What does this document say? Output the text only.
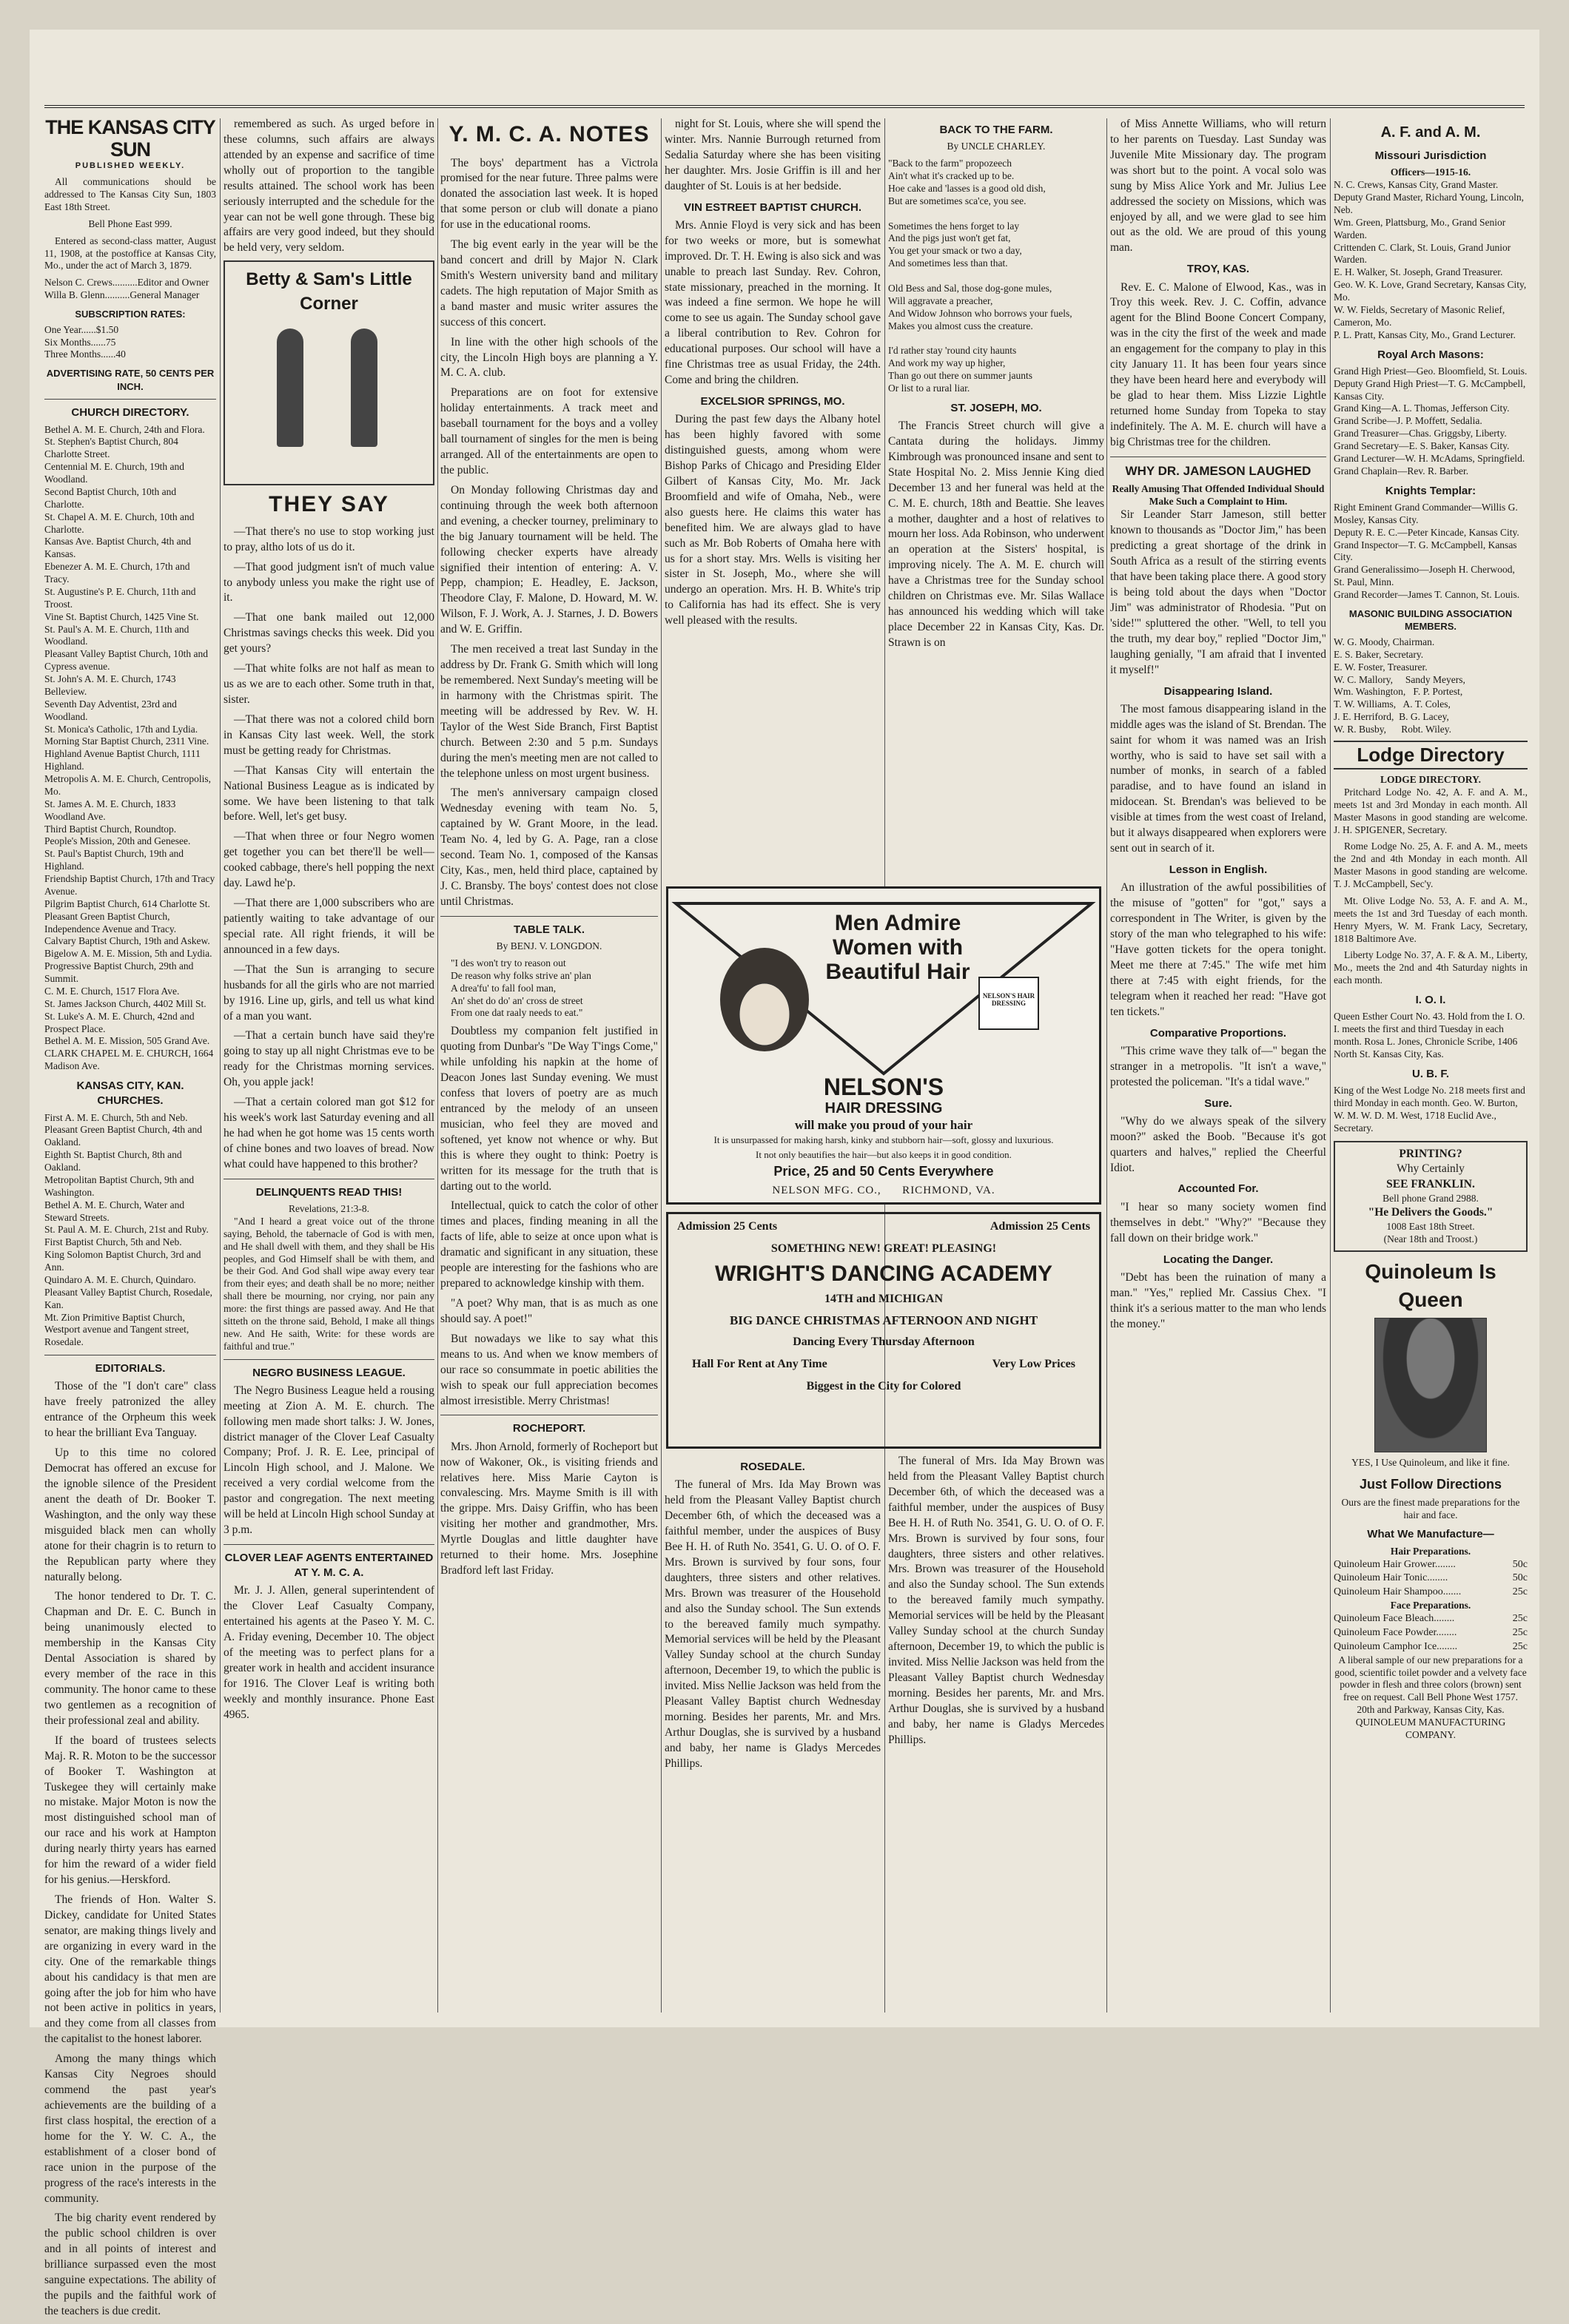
THE KANSAS CITY SUN
PUBLISHED WEEKLY.

All communications should be addressed to The Kansas City Sun, 1803 East 18th Street.

Bell Phone East 999.

Entered as second-class matter, August 11, 1908, at the postoffice at Kansas City, Mo., under the act of March 3, 1879.

Nelson C. Crews..........Editor and Owner
Willa B. Glenn..........General Manager
SUBSCRIPTION RATES:
One Year......$1.50
Six Months......75
Three Months......40
ADVERTISING RATE, 50 CENTS PER INCH.
CHURCH DIRECTORY.
Bethel A. M. E. Church, 24th and Flora.
St. Stephen's Baptist Church, 804 Charlotte Street.
Centennial M. E. Church, 19th and Woodland.
Second Baptist Church, 10th and Charlotte.
St. Chapel A. M. E. Church, 10th and Charlotte.
Kansas Ave. Baptist Church, 4th and Kansas.
Ebenezer A. M. E. Church, 17th and Tracy.
St. Augustine's P. E. Church, 11th and Troost.
Vine St. Baptist Church, 1425 Vine St.
St. Paul's A. M. E. Church, 11th and Woodland.
Pleasant Valley Baptist Church, 10th and Cypress avenue.
St. John's A. M. E. Church, 1743 Belleview.
Seventh Day Adventist, 23rd and Woodland.
St. Monica's Catholic, 17th and Lydia.
Morning Star Baptist Church, 2311 Vine.
Highland Avenue Baptist Church, 1111 Highland.
Metropolis A. M. E. Church, Centropolis, Mo.
St. James A. M. E. Church, 1833 Woodland Ave.
Third Baptist Church, Roundtop.
People's Mission, 20th and Genesee.
St. Paul's Baptist Church, 19th and Highland.
Friendship Baptist Church, 17th and Tracy Avenue.
Pilgrim Baptist Church, 614 Charlotte St.
Pleasant Green Baptist Church, Independence Avenue and Tracy.
Calvary Baptist Church, 19th and Askew.
Bigelow A. M. E. Mission, 5th and Lydia.
Progressive Baptist Church, 29th and Summit.
C. M. E. Church, 1517 Flora Ave.
St. James Jackson Church, 4402 Mill St.
St. Luke's A. M. E. Church, 42nd and Prospect Place.
Bethel A. M. E. Mission, 505 Grand Ave.
CLARK CHAPEL M. E. CHURCH, 1664 Madison Ave.
KANSAS CITY, KAN. CHURCHES.
First A. M. E. Church, 5th and Neb.
Pleasant Green Baptist Church, 4th and Oakland.
Eighth St. Baptist Church, 8th and Oakland.
Metropolitan Baptist Church, 9th and Washington.
Bethel A. M. E. Church, Water and Steward Streets.
St. Paul A. M. E. Church, 21st and Ruby.
First Baptist Church, 5th and Neb.
King Solomon Baptist Church, 3rd and Ann.
Quindaro A. M. E. Church, Quindaro.
Pleasant Valley Baptist Church, Rosedale, Kan.
Mt. Zion Primitive Baptist Church, Westport avenue and Tangent street, Rosedale.
EDITORIALS.

Those of the "I don't care" class have freely patronized the alley entrance of the Orpheum this week to hear the brilliant Eva Tanguay.

Up to this time no colored Democrat has offered an excuse for the ignoble silence of the President anent the death of Dr. Booker T. Washington, and the only way these misguided black men can wholly atone for their chagrin is to return to the Republican party where they naturally belong.

The honor tendered to Dr. T. C. Chapman and Dr. E. C. Bunch in being unanimously elected to membership in the Kansas City Dental Association is shared by every member of the race in this community. The honor came to these two gentlemen as a recognition of their professional zeal and ability.

If the board of trustees selects Maj. R. R. Moton to be the successor of Booker T. Washington at Tuskegee they will certainly make no mistake. Major Moton is now the most distinguished school man of our race and his work at Hampton during nearly thirty years has earned for him the reward of a wider field for his genius.—Herskford.

The friends of Hon. Walter S. Dickey, candidate for United States senator, are making things lively and are organizing in every ward in the city. One of the remarkable things about his candidacy is that men are going after the job for him who have not been active in politics in years, and they come from all classes from the capitalist to the honest laborer.

Among the many things which Kansas City Negroes should commend the past year's achievements are the building of a first class hospital, the erection of a home for the Y. W. C. A., the establishment of a closer bond of race union in the purpose of the progress of the race's interests in the community.

The big charity event rendered by the public school children is over and in all points of interest and brilliance surpassed even the most sanguine expectations. The ability of the pupils and the faithful work of the teachers is due credit.

remembered as such. As urged before in these columns, such affairs are always attended by an expense and sacrifice of time wholly out of proportion to the tangible results attained. The school work has been seriously interrupted and the schedule for the year can not be well gone through. These big affairs are very good indeed, but they should be held very, very seldom.

Betty & Sam's Little Corner
THEY SAY

—That there's no use to stop working just to pray, altho lots of us do it.

—That good judgment isn't of much value to anybody unless you make the right use of it.

—That one bank mailed out 12,000 Christmas savings checks this week. Did you get yours?

—That white folks are not half as mean to us as we are to each other. Some truth in that, sister.

—That there was not a colored child born in Kansas City last week. Well, the stork must be getting ready for Christmas.

—That Kansas City will entertain the National Business League as is indicated by some. We have been listening to that talk before. Well, let's get busy.

—That when three or four Negro women get together you can bet there'll be well—cooked cabbage, there's hell popping the next day. Lawd he'p.

—That there are 1,000 subscribers who are patiently waiting to take advantage of our special rate. All right friends, it will be announced in a few days.

—That the Sun is arranging to secure husbands for all the girls who are not married by 1916. Line up, girls, and tell us what kind of a man you want.

—That a certain bunch have said they're going to stay up all night Christmas eve to be ready for the Christmas morning services. Oh, you apple jack!

—That a certain colored man got $12 for his week's work last Saturday evening and all he had when he got home was 15 cents worth of chine bones and two loaves of bread. Now what could have happened to this brother?

DELINQUENTS READ THIS!
Revelations, 21:3-8.

"And I heard a great voice out of the throne saying, Behold, the tabernacle of God is with men, and He shall dwell with them, and they shall be His peoples, and God Himself shall be with them, and be their God. And God shall wipe away every tear from their eyes; and death shall be no more; neither shall there be mourning, nor crying, nor pain any more: the first things are passed away. And He that sitteth on the throne said, Behold, I make all things new. And He saith, Write: for these words are faithful and true."

NEGRO BUSINESS LEAGUE.

The Negro Business League held a rousing meeting at Zion A. M. E. church. The following men made short talks: J. W. Jones, district manager of the Clover Leaf Casualty Company; Prof. J. R. E. Lee, principal of Lincoln High school, and J. Malone. We received a very cordial welcome from the pastor and congregation. The next meeting will be held at Lincoln High school Sunday at 3 p.m.

CLOVER LEAF AGENTS ENTERTAINED AT Y. M. C. A.

Mr. J. J. Allen, general superintendent of the Clover Leaf Casualty Company, entertained his agents at the Paseo Y. M. C. A. Friday evening, December 10. The object of the meeting was to perfect plans for a greater work in health and accident insurance for 1916. The Clover Leaf is writing both weekly and monthly insurance. Phone East 4965.

Y. M. C. A. NOTES

The boys' department has a Victrola promised for the near future. Three palms were donated the association last week. It is hoped that some person or club will donate a piano for use in the educational rooms.

The big event early in the year will be the band concert and drill by Major N. Clark Smith's Western university band and military cadets. The high reputation of Major Smith as a band master and music writer assures the success of this concert.

In line with the other high schools of the city, the Lincoln High boys are planning a Y. M. C. A. club.

Preparations are on foot for extensive holiday entertainments. A track meet and baseball tournament for the boys and a volley ball tournament of singles for the men is being arranged. All of the entertainments are open to the public.

On Monday following Christmas day and continuing through the week both afternoon and evening, a checker tourney, preliminary to the big January tournament will be held. The following checker experts have already signified their intention of entering: A. V. Pepp, champion; E. Headley, E. Jackson, Theodore Clay, F. Malone, D. Howard, M. W. Wilson, F. J. Work, A. J. Starnes, J. D. Bowers and W. E. Griffin.

The men received a treat last Sunday in the address by Dr. Frank G. Smith which will long be remembered. Next Sunday's meeting will be in harmony with the Christmas spirit. The meeting will be addressed by Rev. W. H. Taylor of the West Side Branch, First Baptist church. Between 2:30 and 5 p.m. Sundays during the men's meeting men are not called to the telephone unless on most urgent business.

The men's anniversary campaign closed Wednesday evening with team No. 5, captained by W. Grant Moore, in the lead. Team No. 4, led by G. A. Page, ran a close second. Team No. 1, composed of the Kansas City, Kas., men, held third place, captained by J. C. Bransby. The boys' contest does not close until Christmas.

TABLE TALK.
By BENJ. V. LONGDON.
"I des won't try to reason out
De reason why folks strive an' plan
A drea'fu' to fall fool man,
An' shet do do' an' cross de street
From one dat raaly needs to eat."

Doubtless my companion felt justified in quoting from Dunbar's "De Way T'ings Come," while unfolding his napkin at the home of Deacon Jones last Sunday evening. We must confess that lovers of poetry are as much entranced by the melody of an unseen musician, who feel they are moved and softened, yet know not whence or why. But this is where they ought to think: Poetry is written for its message for the truth that is darting out to the world.

Intellectual, quick to catch the color of other times and places, finding meaning in all the facts of life, able to seize at once upon what is dramatic and significant in any situation, these people are interesting for the fashions who are prepared to acknowledge kinship with them.

"A poet? Why man, that is as much as one should say. A poet!"

But nowadays we like to say what this means to us. And when we know members of our race so consummate in poetic abilities the wish to speak our full appreciation becomes almost irresistible. Merry Christmas!

ROCHEPORT.

Mrs. Jhon Arnold, formerly of Rocheport but now of Wakoner, Ok., is visiting friends and relatives here. Miss Marie Cayton is convalescing. Mrs. Mayme Smith is ill with the grippe. Mrs. Daisy Griffin, who has been visiting her mother and grandmother, Mrs. Myrtle Douglas and little daughter have returned to their home. Mrs. Josephine Bradford left last Friday.

night for St. Louis, where she will spend the winter. Mrs. Nannie Burrough returned from Sedalia Saturday where she has been visiting her daughter. Mrs. Josie Griffin is ill and her daughter of St. Louis is at her bedside.

VIN ESTREET BAPTIST CHURCH.

Mrs. Annie Floyd is very sick and has been for two weeks or more, but is somewhat improved. Dr. T. H. Ewing is also sick and was unable to preach last Sunday. Rev. Cohron, state missionary, preached in the morning. It was indeed a fine sermon. We hope he will come to see us again. The Sunday school gave a liberal contribution to Rev. Cohron for educational purposes. Our school will have a fine Christmas tree as usual Friday, the 24th. Come and bring the children.

EXCELSIOR SPRINGS, MO.

During the past few days the Albany hotel has been highly favored with some distinguished guests, among whom were Bishop Parks of Chicago and Presiding Elder Gilbert of Kansas City, Mo. Mr. Jack Broomfield and wife of Omaha, Neb., were also guests here. He claims this water has benefited him. We are always glad to have such as Mr. Bob Roberts of Omaha here with us for a short stay. Mrs. Wells is visiting her sister in St. Joseph, Mo., where she will undergo an operation. Mrs. H. B. White's trip to California has had its effect. She is very well pleased with the results.

ROSEDALE.

The funeral of Mrs. Ida May Brown was held from the Pleasant Valley Baptist church December 6th, of which the deceased was a faithful member, under the auspices of Busy Bee H. H. of Ruth No. 3541, G. U. O. of O. F. Mrs. Brown is survived by four sons, four daughters, three sisters and other relatives. Mrs. Brown was treasurer of the Household and also the Sunday school. The Sun extends to the bereaved family much sympathy. Memorial services will be held by the Pleasant Valley Sunday school at the church Sunday afternoon, December 19, to which the public is invited. Miss Nellie Jackson was held from the Pleasant Valley Baptist church Wednesday morning. Besides her parents, Mr. and Mrs. Arthur Douglas, she is survived by a husband and baby, her name is Gladys Mercedes Phillips.

BACK TO THE FARM.
By UNCLE CHARLEY.
"Back to the farm" propozeech
Ain't what it's cracked up to be.
Hoe cake and 'lasses is a good old dish,
But are sometimes sca'ce, you see.

Sometimes the hens forget to lay
And the pigs just won't get fat,
You get your smack or two a day,
And sometimes less than that.

Old Bess and Sal, those dog-gone mules,
Will aggravate a preacher,
And Widow Johnson who borrows your fuels,
Makes you almost cuss the creature.

I'd rather stay 'round city haunts
And work my way up higher,
Than go out there on summer jaunts
Or list to a rural liar.
ST. JOSEPH, MO.

The Francis Street church will give a Cantata during the holidays. Jimmy Kimbrough was pronounced insane and sent to State Hospital No. 2. Miss Jennie King died December 13 and her funeral was held at the C. M. E. church, 18th and Beattie. She leaves a mother, daughter and a host of relatives to mourn her loss. Ada Robinson, who underwent an operation at the Sisters' hospital, is improving nicely. The A. M. E. church will have a Christmas tree for the Sunday school children on Christmas eve. Mr. Silas Wallace has announced his wedding which will take place December 22 in Kansas City, Kas. Dr. Strawn is on

The funeral of Mrs. Ida May Brown was held from the Pleasant Valley Baptist church December 6th, of which the deceased was a faithful member, under the auspices of Busy Bee H. H. of Ruth No. 3541, G. U. O. of O. F. Mrs. Brown is survived by four sons, four daughters, three sisters and other relatives. Mrs. Brown was treasurer of the Household and also the Sunday school. The Sun extends to the bereaved family much sympathy. Memorial services will be held by the Pleasant Valley Sunday school at the church Sunday afternoon, December 19, to which the public is invited. Miss Nellie Jackson was held from the Pleasant Valley Baptist church Wednesday morning. Besides her parents, Mr. and Mrs. Arthur Douglas, she is survived by a husband and baby, her name is Gladys Mercedes Phillips.

Men Admire Women with Beautiful Hair
NELSON'S HAIR DRESSING
NELSON'S
HAIR DRESSING
will make you proud of your hair
It is unsurpassed for making harsh, kinky and stubborn hair—soft, glossy and luxurious.
It not only beautifies the hair—but also keeps it in good condition.
Price, 25 and 50 Cents Everywhere
NELSON MFG. CO.,      RICHMOND, VA.
Admission 25 Cents	Admission 25 Cents
SOMETHING NEW! GREAT! PLEASING!
WRIGHT'S DANCING ACADEMY
14TH and MICHIGAN
BIG DANCE CHRISTMAS AFTERNOON AND NIGHT
Dancing Every Thursday Afternoon
Hall For Rent at Any Time	Very Low Prices
Biggest in the City for Colored

of Miss Annette Williams, who will return to her parents on Tuesday. Last Sunday was Juvenile Mite Missionary day. The program was short but to the point. A vocal solo was sung by Miss Alice York and Mr. Julius Lee addressed the society on Missions, which was enjoyed by all, and we were glad to see him out as the old. We are proud of this young man.

TROY, KAS.

Rev. E. C. Malone of Elwood, Kas., was in Troy this week. Rev. J. C. Coffin, advance agent for the Blind Boone Concert Company, was in the city the first of the week and made an engagement for the company to play in this city January 11. It has been four years since they have been heard here and everybody will be glad to hear them. Miss Lizzie Lightle returned home Sunday from Topeka to stay indefinitely. The A. M. E. church will have a big Christmas tree for the children.

WHY DR. JAMESON LAUGHED
Really Amusing That Offended Individual Should Make Such a Complaint to Him.

Sir Leander Starr Jameson, still better known to thousands as "Doctor Jim," has been predicting a great shortage of the drink in South Africa as a result of the stirring events that have been taking place there. A good story is being told about the days when "Doctor Jim" was administrator of Rhodesia. "Put on 'side!'" spluttered the other. "Well, to tell you the truth, my dear boy," replied "Doctor Jim," laughing genially, "I am afraid that I invented it myself!"

Disappearing Island.

The most famous disappearing island in the middle ages was the island of St. Brendan. The saint for whom it was named was an Irish worthy, who is said to have set sail with a number of monks, in search of a fabled paradise, and to have found an island in midocean. St. Brendan's was believed to be visible at times from the west coast of Ireland, but it always disappeared when explorers were sent out in search of it.

Lesson in English.

An illustration of the awful possibilities of the misuse of "gotten" for "got," says a correspondent in The Writer, is given by the story of the man who telegraphed to his wife: "Have gotten tickets for the opera tonight. Meet me there at 7:45." The wife met him there at 7:45 with eight friends, for the telegram when it reached her read: "Have got ten tickets."

Comparative Proportions.

"This crime wave they talk of—" began the stranger in a metropolis. "It isn't a wave," protested the policeman. "It's a tidal wave."

Sure.

"Why do we always speak of the silvery moon?" asked the Boob. "Because it's got quarters and halves," replied the Cheerful Idiot.

Accounted For.

"I hear so many society women find themselves in debt." "Why?" "Because they fall down on their bridge work."

Locating the Danger.

"Debt has been the ruination of many a man." "Yes," replied Mr. Cassius Chex. "I think it's a serious matter to the man who lends the money."

A. F. and A. M.
Missouri Jurisdiction
Officers—1915-16.
N. C. Crews, Kansas City, Grand Master.
Deputy Grand Master, Richard Young, Lincoln, Neb.
Wm. Green, Plattsburg, Mo., Grand Senior Warden.
Crittenden C. Clark, St. Louis, Grand Junior Warden.
E. H. Walker, St. Joseph, Grand Treasurer.
Geo. W. K. Love, Grand Secretary, Kansas City, Mo.
W. W. Fields, Secretary of Masonic Relief, Cameron, Mo.
P. L. Pratt, Kansas City, Mo., Grand Lecturer.
Royal Arch Masons:
Grand High Priest—Geo. Bloomfield, St. Louis.
Deputy Grand High Priest—T. G. McCampbell, Kansas City.
Grand King—A. L. Thomas, Jefferson City.
Grand Scribe—J. P. Moffett, Sedalia.
Grand Treasurer—Chas. Griggsby, Liberty.
Grand Secretary—E. S. Baker, Kansas City.
Grand Lecturer—W. H. McAdams, Springfield.
Grand Chaplain—Rev. R. Barber.
Knights Templar:
Right Eminent Grand Commander—Willis G. Mosley, Kansas City.
Deputy R. E. C.—Peter Kincade, Kansas City.
Grand Inspector—T. G. McCampbell, Kansas City.
Grand Generalissimo—Joseph H. Cherwood, St. Paul, Minn.
Grand Recorder—James T. Cannon, St. Louis.
MASONIC BUILDING ASSOCIATION MEMBERS.
W. G. Moody, Chairman.
E. S. Baker, Secretary.
E. W. Foster, Treasurer.
W. C. Mallory,     Sandy Meyers,
Wm. Washington,   F. P. Portest,
T. W. Williams,   A. T. Coles,
J. E. Herriford,  B. G. Lacey,
W. R. Busby,      Robt. Wiley.
Lodge Directory
LODGE DIRECTORY.

Pritchard Lodge No. 42, A. F. and A. M., meets 1st and 3rd Monday in each month. All Master Masons in good standing are welcome. J. H. SPIGENER, Secretary.

Rome Lodge No. 25, A. F. and A. M., meets the 2nd and 4th Monday in each month. All Master Masons in good standing are welcome. T. J. McCampbell, Sec'y.

Mt. Olive Lodge No. 53, A. F. and A. M., meets the 1st and 3rd Tuesday of each month. Henry Myers, W. M. Frank Lacy, Secretary, 1818 Baltimore Ave.

Liberty Lodge No. 37, A. F. & A. M., Liberty, Mo., meets the 2nd and 4th Saturday nights in each month.

I. O. I.
Queen Esther Court No. 43. Hold from the I. O. I. meets the first and third Tuesday in each month. Rosa L. Jones, Chronicle Scribe, 1406 North St. Kansas City, Kas.
U. B. F.
King of the West Lodge No. 218 meets first and third Monday in each month. Geo. W. Burton, W. M. W. D. M. West, 1718 Euclid Ave., Secretary.
PRINTING?
Why Certainly
SEE FRANKLIN.
Bell phone Grand 2988.
"He Delivers the Goods."
1008 East 18th Street.
(Near 18th and Troost.)
Quinoleum Is Queen
YES, I Use Quinoleum, and like it fine.
Just Follow Directions
Ours are the finest made preparations for the hair and face.
What We Manufacture—
Hair Preparations.
Quinoleum Hair Grower........	50c
Quinoleum Hair Tonic........	50c
Quinoleum Hair Shampoo.......	25c
Face Preparations.
Quinoleum Face Bleach........	25c
Quinoleum Face Powder........	25c
Quinoleum Camphor Ice........	25c
A liberal sample of our new preparations for a good, scientific toilet powder and a velvety face powder in flesh and three colors (brown) sent free on request. Call Bell Phone West 1757. 20th and Parkway, Kansas City, Kas. QUINOLEUM MANUFACTURING COMPANY.
